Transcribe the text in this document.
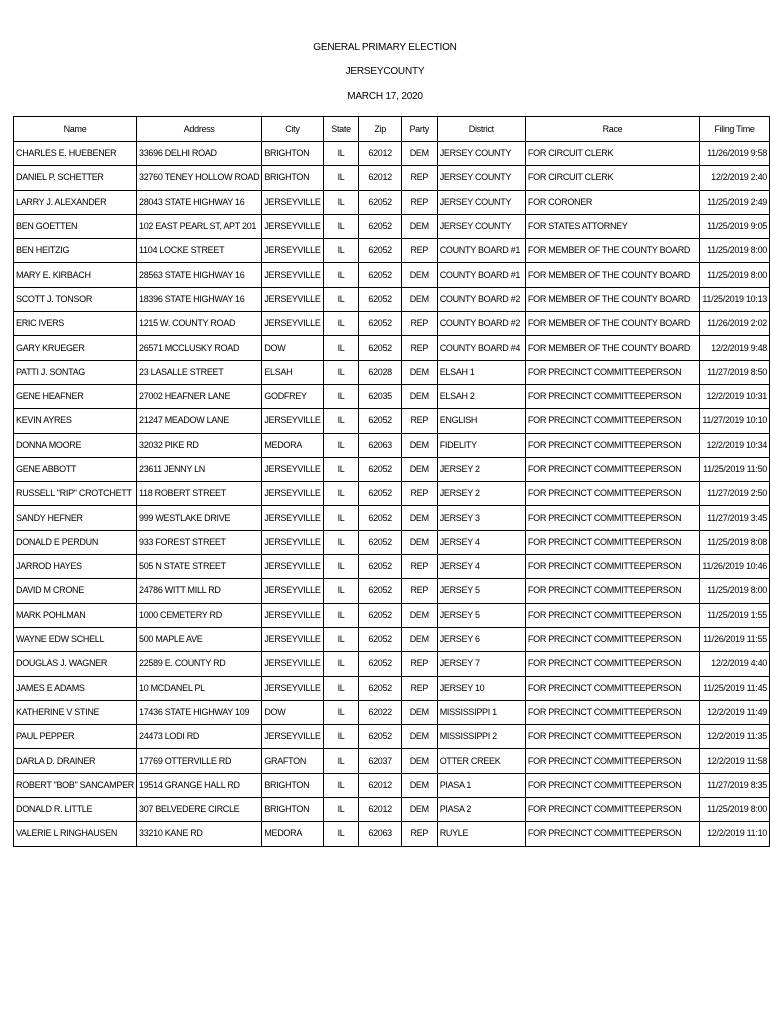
GENERAL PRIMARY ELECTION
JERSEYCOUNTY
MARCH 17, 2020
Name	Address	City	State	Zip	Party	District	Race	Filing Time
CHARLES E. HUEBENER	33696 DELHI ROAD	BRIGHTON	IL	62012	DEM	JERSEY COUNTY	FOR CIRCUIT CLERK	11/26/2019 9:58
DANIEL P. SCHETTER	32760 TENEY HOLLOW ROAD	BRIGHTON	IL	62012	REP	JERSEY COUNTY	FOR CIRCUIT CLERK	12/2/2019 2:40
LARRY J. ALEXANDER	28043 STATE HIGHWAY 16	JERSEYVILLE	IL	62052	REP	JERSEY COUNTY	FOR CORONER	11/25/2019 2:49
BEN GOETTEN	102 EAST PEARL ST, APT 201	JERSEYVILLE	IL	62052	DEM	JERSEY COUNTY	FOR STATES ATTORNEY	11/25/2019 9:05
BEN HEITZIG	1104 LOCKE STREET	JERSEYVILLE	IL	62052	REP	COUNTY BOARD #1	FOR MEMBER OF THE COUNTY BOARD	11/25/2019 8:00
MARY E. KIRBACH	28563 STATE HIGHWAY 16	JERSEYVILLE	IL	62052	DEM	COUNTY BOARD #1	FOR MEMBER OF THE COUNTY BOARD	11/25/2019 8:00
SCOTT J. TONSOR	18396 STATE HIGHWAY 16	JERSEYVILLE	IL	62052	DEM	COUNTY BOARD #2	FOR MEMBER OF THE COUNTY BOARD	11/25/2019 10:13
ERIC IVERS	1215 W. COUNTY ROAD	JERSEYVILLE	IL	62052	REP	COUNTY BOARD #2	FOR MEMBER OF THE COUNTY BOARD	11/26/2019 2:02
GARY KRUEGER	26571 MCCLUSKY ROAD	DOW	IL	62052	REP	COUNTY BOARD #4	FOR MEMBER OF THE COUNTY BOARD	12/2/2019 9:48
PATTI J. SONTAG	23 LASALLE STREET	ELSAH	IL	62028	DEM	ELSAH 1	FOR PRECINCT COMMITTEEPERSON	11/27/2019 8:50
GENE HEAFNER	27002 HEAFNER LANE	GODFREY	IL	62035	DEM	ELSAH 2	FOR PRECINCT COMMITTEEPERSON	12/2/2019 10:31
KEVIN AYRES	21247 MEADOW LANE	JERSEYVILLE	IL	62052	REP	ENGLISH	FOR PRECINCT COMMITTEEPERSON	11/27/2019 10:10
DONNA MOORE	32032 PIKE RD	MEDORA	IL	62063	DEM	FIDELITY	FOR PRECINCT COMMITTEEPERSON	12/2/2019 10:34
GENE ABBOTT	23611 JENNY LN	JERSEYVILLE	IL	62052	DEM	JERSEY 2	FOR PRECINCT COMMITTEEPERSON	11/25/2019 11:50
RUSSELL "RIP" CROTCHETT	118 ROBERT STREET	JERSEYVILLE	IL	62052	REP	JERSEY 2	FOR PRECINCT COMMITTEEPERSON	11/27/2019 2:50
SANDY HEFNER	999 WESTLAKE DRIVE	JERSEYVILLE	IL	62052	DEM	JERSEY 3	FOR PRECINCT COMMITTEEPERSON	11/27/2019 3:45
DONALD E PERDUN	933 FOREST STREET	JERSEYVILLE	IL	62052	DEM	JERSEY 4	FOR PRECINCT COMMITTEEPERSON	11/25/2019 8:08
JARROD HAYES	505 N STATE STREET	JERSEYVILLE	IL	62052	REP	JERSEY 4	FOR PRECINCT COMMITTEEPERSON	11/26/2019 10:46
DAVID M CRONE	24786 WITT MILL RD	JERSEYVILLE	IL	62052	REP	JERSEY 5	FOR PRECINCT COMMITTEEPERSON	11/25/2019 8:00
MARK POHLMAN	1000 CEMETERY RD	JERSEYVILLE	IL	62052	DEM	JERSEY 5	FOR PRECINCT COMMITTEEPERSON	11/25/2019 1:55
WAYNE EDW SCHELL	500 MAPLE AVE	JERSEYVILLE	IL	62052	DEM	JERSEY 6	FOR PRECINCT COMMITTEEPERSON	11/26/2019 11:55
DOUGLAS J. WAGNER	22589 E. COUNTY RD	JERSEYVILLE	IL	62052	REP	JERSEY 7	FOR PRECINCT COMMITTEEPERSON	12/2/2019 4:40
JAMES E ADAMS	10 MCDANEL PL	JERSEYVILLE	IL	62052	REP	JERSEY 10	FOR PRECINCT COMMITTEEPERSON	11/25/2019 11:45
KATHERINE V STINE	17436 STATE HIGHWAY 109	DOW	IL	62022	DEM	MISSISSIPPI 1	FOR PRECINCT COMMITTEEPERSON	12/2/2019 11:49
PAUL PEPPER	24473 LODI RD	JERSEYVILLE	IL	62052	DEM	MISSISSIPPI 2	FOR PRECINCT COMMITTEEPERSON	12/2/2019 11:35
DARLA D. DRAINER	17769 OTTERVILLE RD	GRAFTON	IL	62037	DEM	OTTER CREEK	FOR PRECINCT COMMITTEEPERSON	12/2/2019 11:58
ROBERT "BOB" SANCAMPER	19514 GRANGE HALL RD	BRIGHTON	IL	62012	DEM	PIASA 1	FOR PRECINCT COMMITTEEPERSON	11/27/2019 8:35
DONALD R. LITTLE	307 BELVEDERE CIRCLE	BRIGHTON	IL	62012	DEM	PIASA 2	FOR PRECINCT COMMITTEEPERSON	11/25/2019 8:00
VALERIE L RINGHAUSEN	33210 KANE RD	MEDORA	IL	62063	REP	RUYLE	FOR PRECINCT COMMITTEEPERSON	12/2/2019 11:10
